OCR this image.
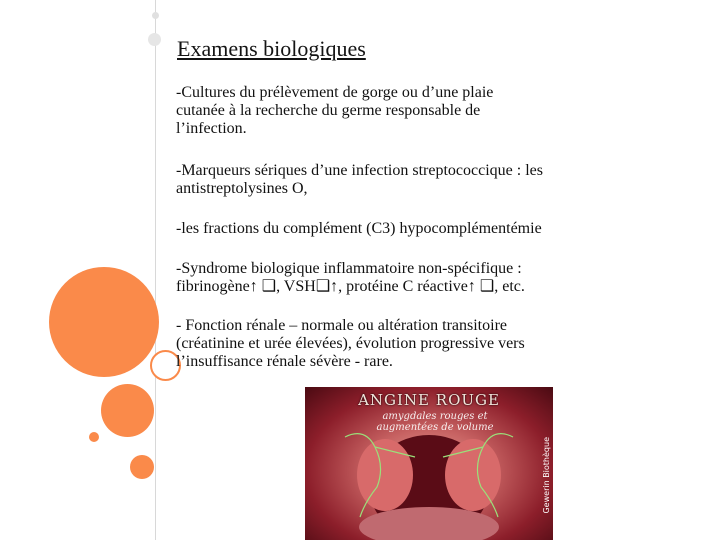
Examens biologiques

-Cultures du prélèvement de gorge ou d’une plaie
cutanée à la recherche du germe responsable de
l’infection.

-Marqueurs sériques d’une infection streptococcique : les
antistreptolysines O,

-les fractions du complément (C3) hypocomplémentémie

-Syndrome biologique inflammatoire non-spécifique :
fibrinogène↑ ❑, VSH❑↑, protéine C réactive↑ ❑, etc.

- Fonction rénale – normale ou altération transitoire
(créatinine et urée élevées), évolution progressive vers
l’insuffisance rénale sévère - rare.

ANGINE ROUGE
amygdales rouges et
augmentées de volume
Gewerin Biothèque
